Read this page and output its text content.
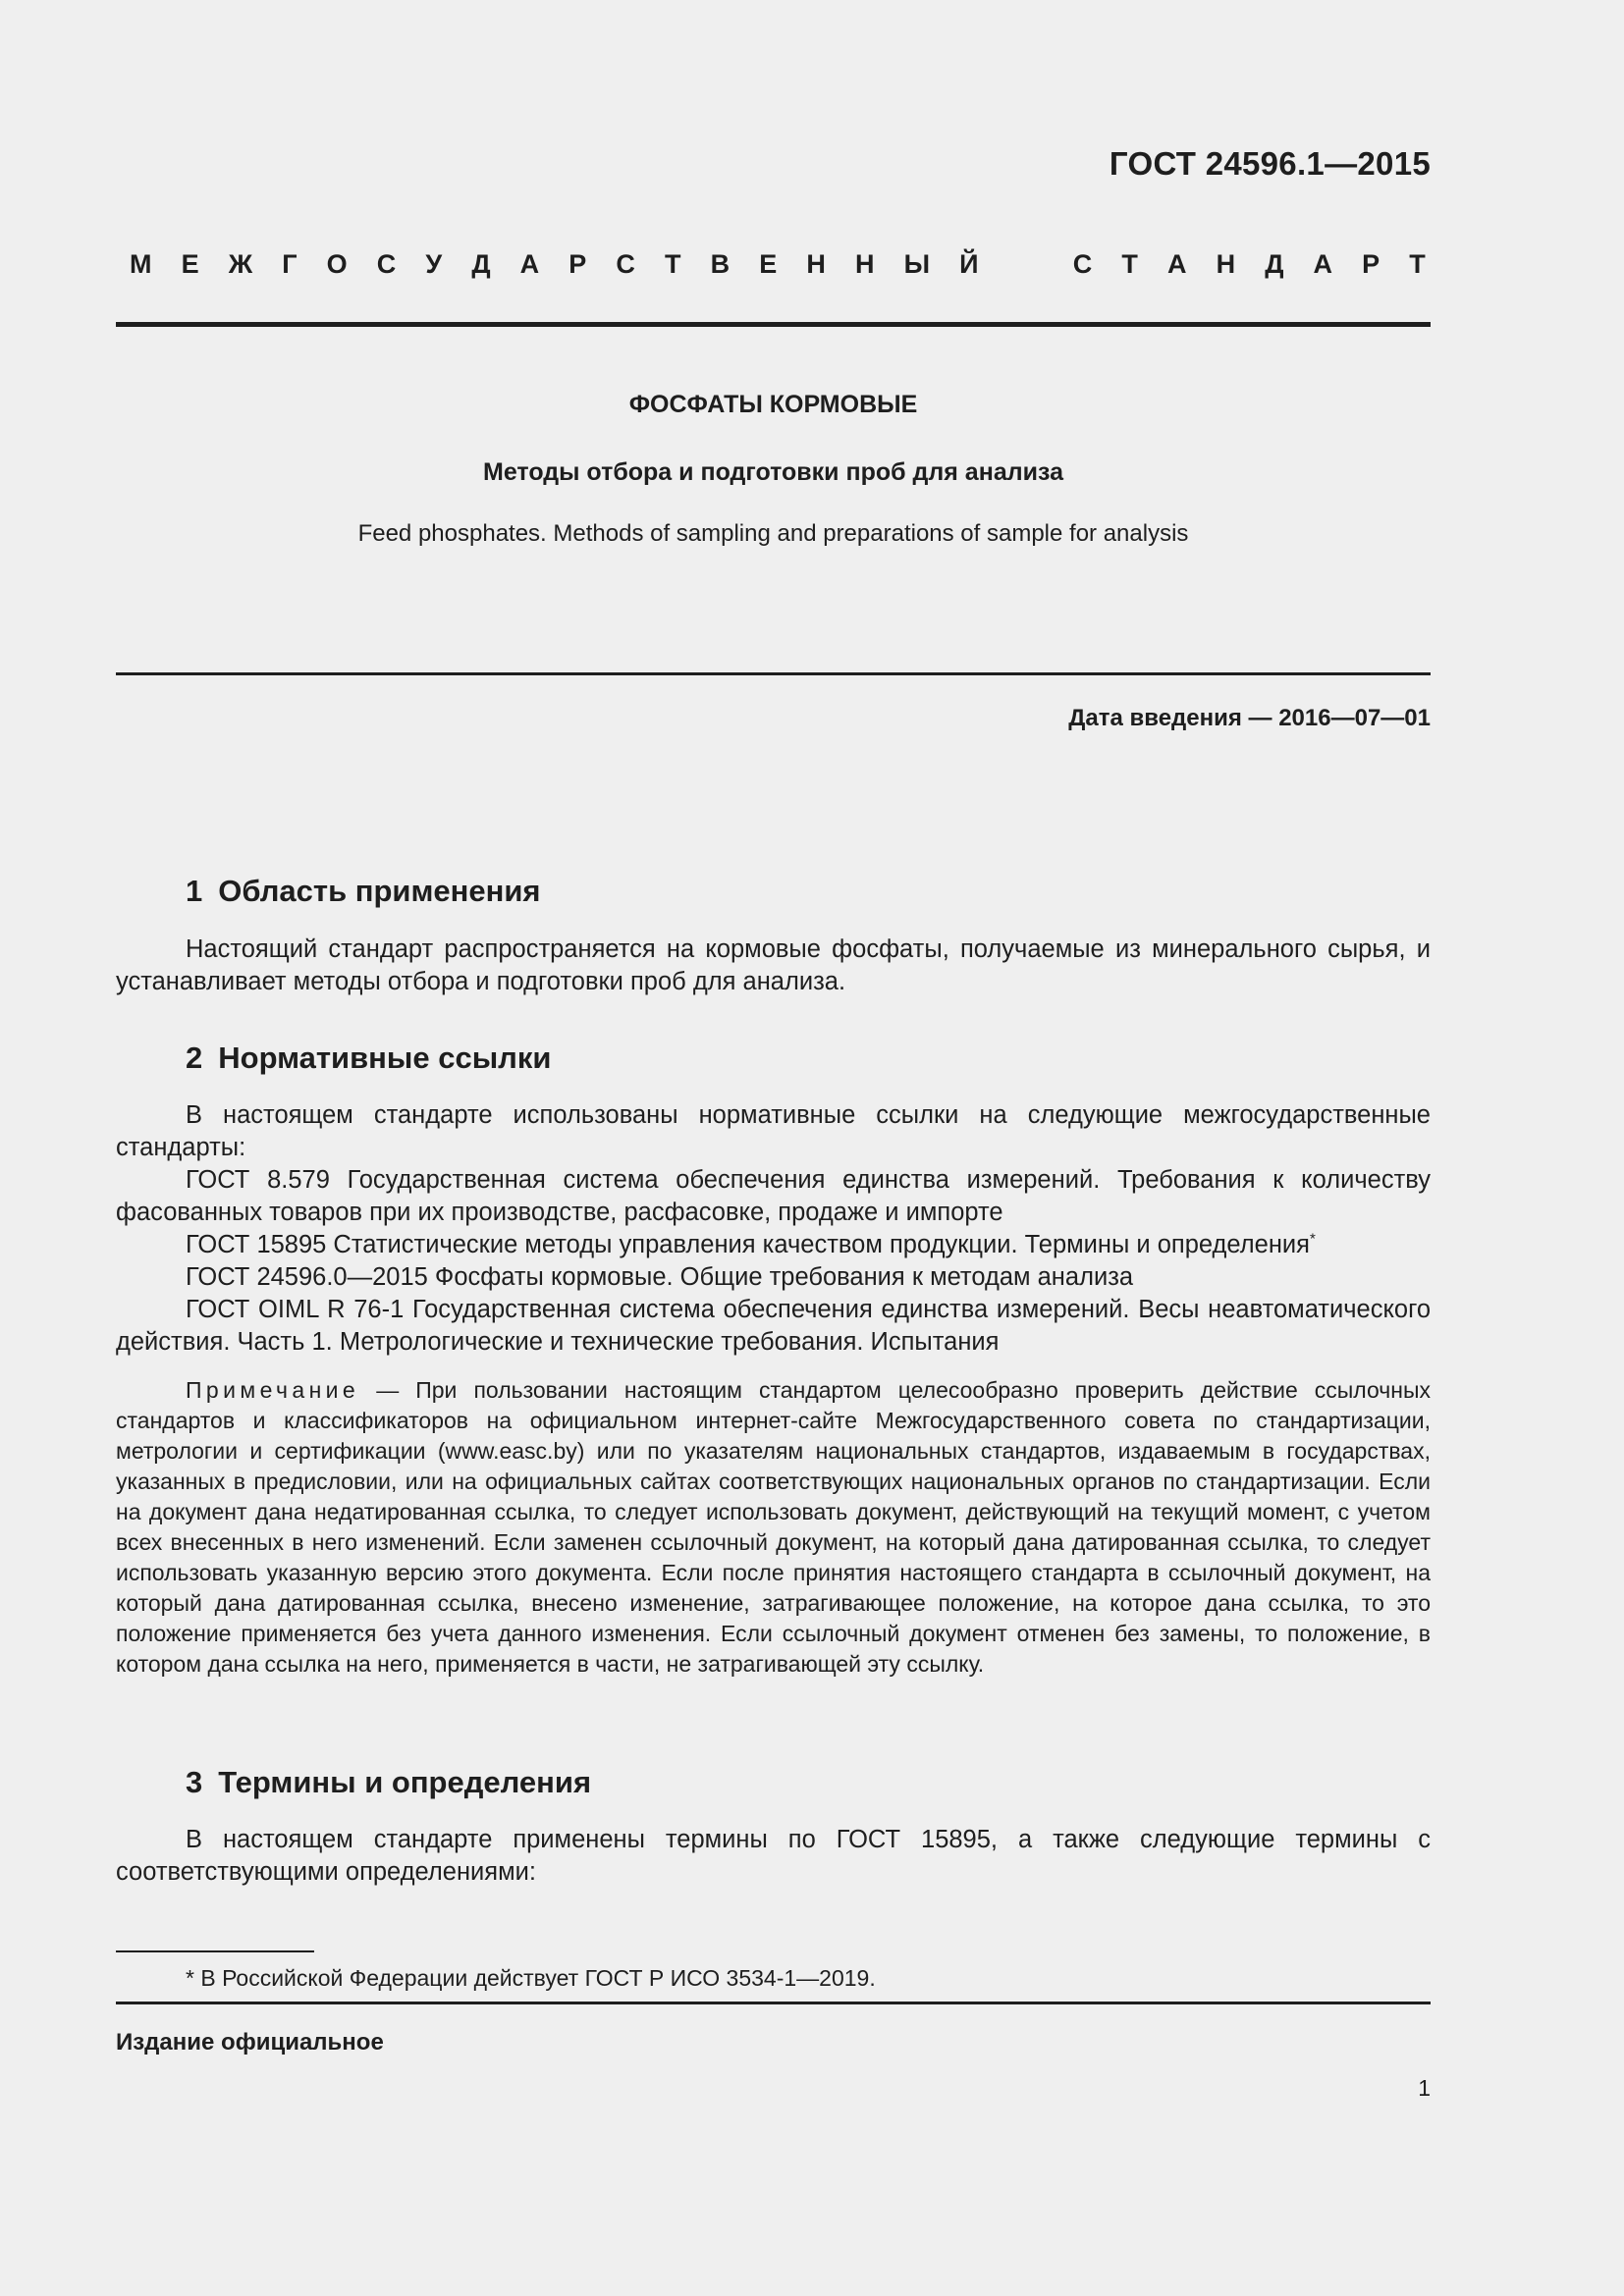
ГОСТ 24596.1—2015
М Е Ж Г О С У Д А Р С Т В Е Н Н Ы Й	С Т А Н Д А Р Т
ФОСФАТЫ КОРМОВЫЕ
Методы отбора и подготовки проб для анализа
Feed phosphates. Methods of sampling and preparations of sample for analysis
Дата введения — 2016—07—01
1 Область применения

Настоящий стандарт распространяется на кормовые фосфаты, получаемые из минерального сырья, и устанавливает методы отбора и подготовки проб для анализа.

2 Нормативные ссылки

В настоящем стандарте использованы нормативные ссылки на следующие межгосударственные стандарты:

ГОСТ 8.579 Государственная система обеспечения единства измерений. Требования к количеству фасованных товаров при их производстве, расфасовке, продаже и импорте

ГОСТ 15895 Статистические методы управления качеством продукции. Термины и определения*

ГОСТ 24596.0—2015 Фосфаты кормовые. Общие требования к методам анализа

ГОСТ OIML R 76-1 Государственная система обеспечения единства измерений. Весы неавтоматического действия. Часть 1. Метрологические и технические требования. Испытания

Примечание — При пользовании настоящим стандартом целесообразно проверить действие ссылочных стандартов и классификаторов на официальном интернет-сайте Межгосударственного совета по стандартизации, метрологии и сертификации (www.easc.by) или по указателям национальных стандартов, издаваемым в государствах, указанных в предисловии, или на официальных сайтах соответствующих национальных органов по стандартизации. Если на документ дана недатированная ссылка, то следует использовать документ, действующий на текущий момент, с учетом всех внесенных в него изменений. Если заменен ссылочный документ, на который дана датированная ссылка, то следует использовать указанную версию этого документа. Если после принятия настоящего стандарта в ссылочный документ, на который дана датированная ссылка, внесено изменение, затрагивающее положение, на которое дана ссылка, то это положение применяется без учета данного изменения. Если ссылочный документ отменен без замены, то положение, в котором дана ссылка на него, применяется в части, не затрагивающей эту ссылку.
3 Термины и определения

В настоящем стандарте применены термины по ГОСТ 15895, а также следующие термины с соответствующими определениями:

* В Российской Федерации действует ГОСТ Р ИСО 3534-1—2019.
Издание официальное
1
